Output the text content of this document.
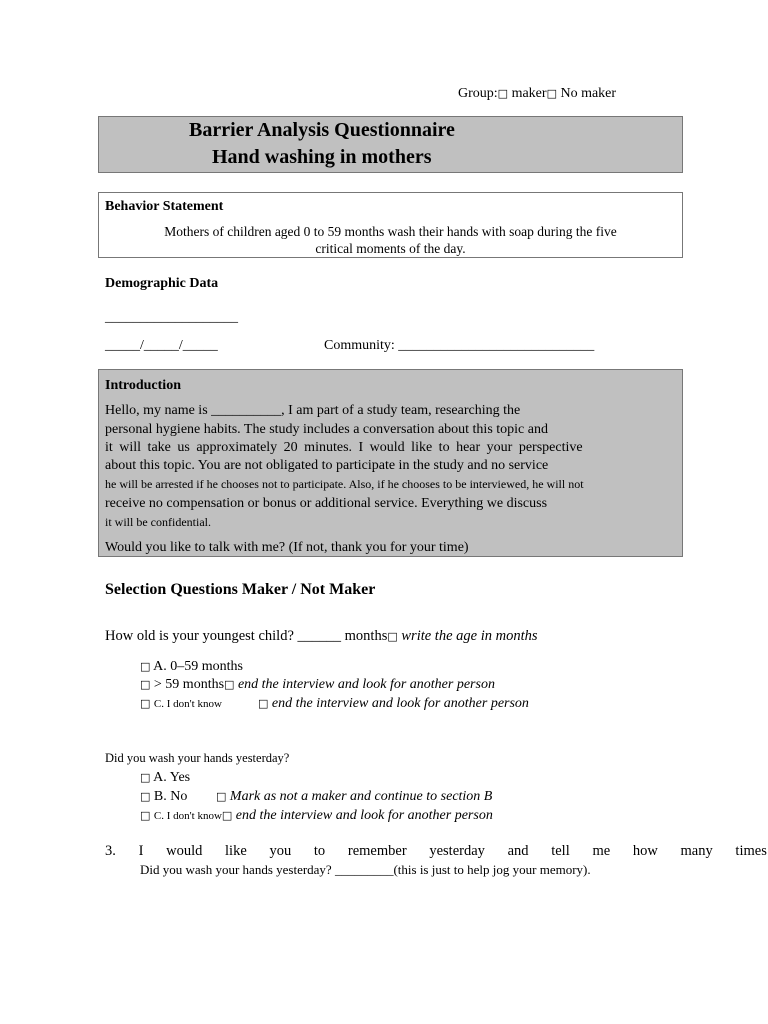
Group:□ maker□ No maker
Barrier Analysis Questionnaire
Hand washing in mothers
Behavior Statement
Mothers of children aged 0 to 59 months wash their hands with soap during the five
critical moments of the day.
Demographic Data
___________________
_____/_____/_____	Community: ____________________________
Introduction
Hello, my name is __________, I am part of a study team, researching the
personal hygiene habits. The study includes a conversation about this topic and
it will take us approximately 20 minutes. I would like to hear your perspective
about this topic. You are not obligated to participate in the study and no service
he will be arrested if he chooses not to participate. Also, if he chooses to be interviewed, he will not
receive no compensation or bonus or additional service. Everything we discuss
it will be confidential.
Would you like to talk with me? (If not, thank you for your time)
Selection Questions Maker / Not Maker
How old is your youngest child? ______ months□ write the age in months
□ A. 0–59 months
□ > 59 months□ end the interview and look for another person
□ C. I don't know	□ end the interview and look for another person
Did you wash your hands yesterday?
□ A. Yes
□ B. No	□ Mark as not a maker and continue to section B
□ C. I don't know□ end the interview and look for another person
3. I would like you to remember yesterday and tell me how many times
Did you wash your hands yesterday? _________(this is just to help jog your memory).
